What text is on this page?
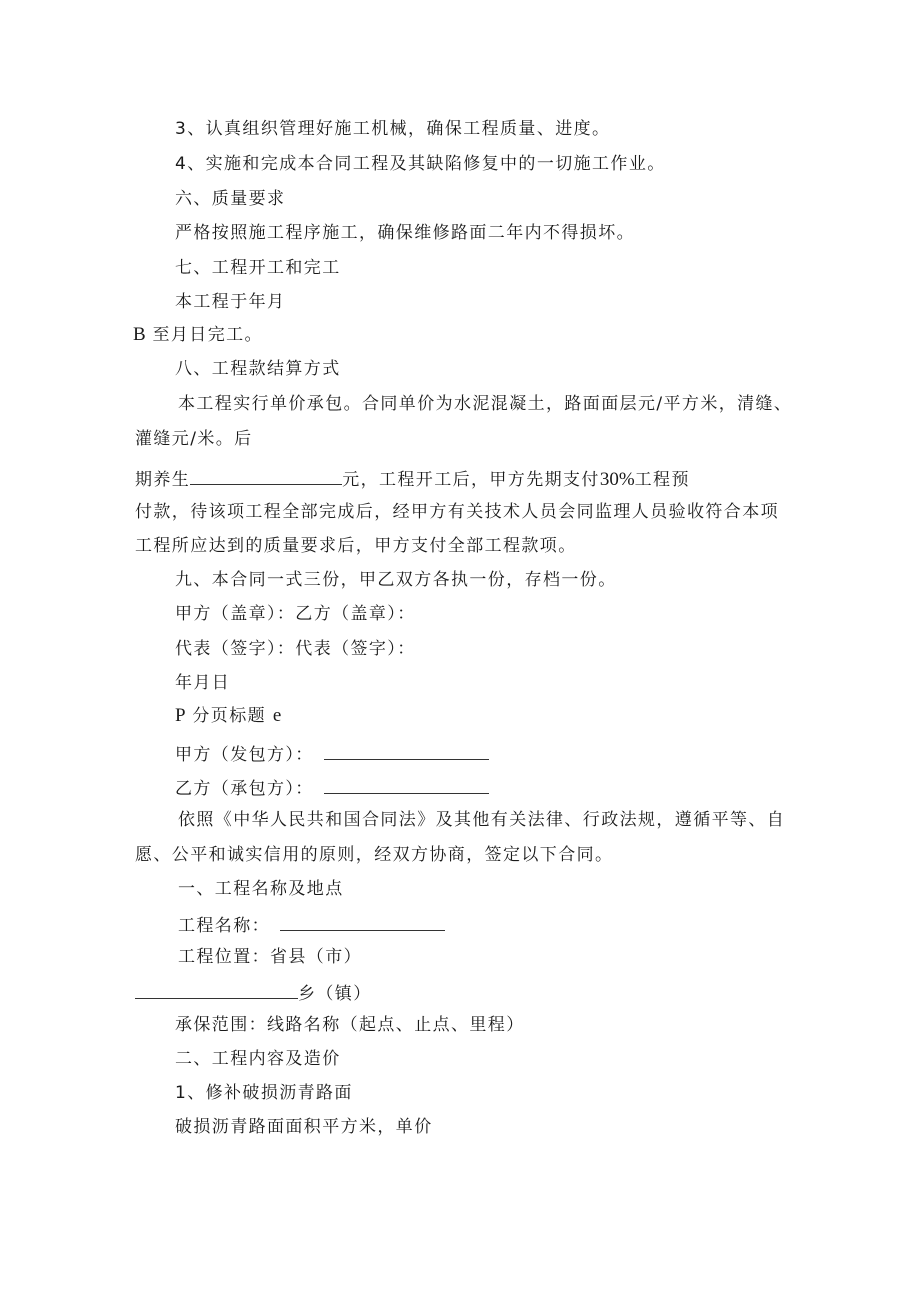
3、认真组织管理好施工机械，确保工程质量、进度。
4、实施和完成本合同工程及其缺陷修复中的一切施工作业。
六、质量要求
严格按照施工程序施工，确保维修路面二年内不得损坏。
七、工程开工和完工
本工程于年月
B 至月日完工。
八、工程款结算方式
本工程实行单价承包。合同单价为水泥混凝土，路面面层元/平方米，清缝、
灌缝元/米。后
期养生	元，工程开工后，甲方先期支付30%工程预
付款，待该项工程全部完成后，经甲方有关技术人员会同监理人员验收符合本项
工程所应达到的质量要求后，甲方支付全部工程款项。
九、本合同一式三份，甲乙双方各执一份，存档一份。
甲方（盖章）：乙方（盖章）：
代表（签字）：代表（签字）：
年月日
P 分页标题 e
甲方（发包方）：
乙方（承包方）：
依照《中华人民共和国合同法》及其他有关法律、行政法规，遵循平等、自
愿、公平和诚实信用的原则，经双方协商，签定以下合同。
一、工程名称及地点
工程名称：
工程位置：省县（市）
乡（镇）
承保范围：线路名称（起点、止点、里程）
二、工程内容及造价
1、修补破损沥青路面
破损沥青路面面积平方米，单价
